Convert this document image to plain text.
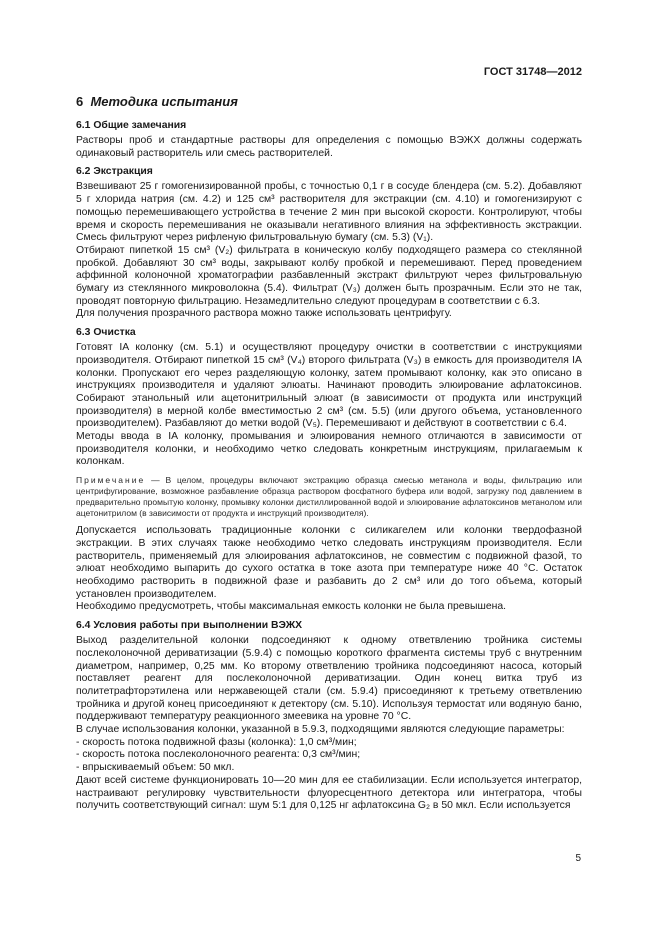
ГОСТ 31748—2012
6 Методика испытания
6.1 Общие замечания

Растворы проб и стандартные растворы для определения с помощью ВЭЖХ должны содержать одинаковый растворитель или смесь растворителей.

6.2 Экстракция

Взвешивают 25 г гомогенизированной пробы, с точностью 0,1 г в сосуде блендера (см. 5.2). Добавляют 5 г хлорида натрия (см. 4.2) и 125 см³ растворителя для экстракции (см. 4.10) и гомогенизируют с помощью перемешивающего устройства в течение 2 мин при высокой скорости. Контролируют, чтобы время и скорость перемешивания не оказывали негативного влияния на эффективность экстракции. Смесь фильтруют через рифленую фильтровальную бумагу (см. 5.3) (V₁).

Отбирают пипеткой 15 см³ (V₂) фильтрата в коническую колбу подходящего размера со стеклянной пробкой. Добавляют 30 см³ воды, закрывают колбу пробкой и перемешивают. Перед проведением аффинной колоночной хроматографии разбавленный экстракт фильтруют через фильтровальную бумагу из стеклянного микроволокна (5.4). Фильтрат (V₃) должен быть прозрачным. Если это не так, проводят повторную фильтрацию. Незамедлительно следуют процедурам в соответствии с 6.3.

Для получения прозрачного раствора можно также использовать центрифугу.

6.3 Очистка

Готовят IA колонку (см. 5.1) и осуществляют процедуру очистки в соответствии с инструкциями производителя. Отбирают пипеткой 15 см³ (V₄) второго фильтрата (V₃) в емкость для производителя IA колонки. Пропускают его через разделяющую колонку, затем промывают колонку, как это описано в инструкциях производителя и удаляют элюаты. Начинают проводить элюирование афлатоксинов. Собирают этанольный или ацетонитрильный элюат (в зависимости от продукта или инструкций производителя) в мерной колбе вместимостью 2 см³ (см. 5.5) (или другого объема, установленного производителем). Разбавляют до метки водой (V₅). Перемешивают и действуют в соответствии с 6.4.

Методы ввода в IA колонку, промывания и элюирования немного отличаются в зависимости от производителя колонки, и необходимо четко следовать конкретным инструкциям, прилагаемым к колонкам.

Примечание — В целом, процедуры включают экстракцию образца смесью метанола и воды, фильтрацию или центрифугирование, возможное разбавление образца раствором фосфатного буфера или водой, загрузку под давлением в предварительно промытую колонку, промывку колонки дистиллированной водой и элюирование афлатоксинов метанолом или ацетонитрилом (в зависимости от продукта и инструкций производителя).

Допускается использовать традиционные колонки с силикагелем или колонки твердофазной экстракции. В этих случаях также необходимо четко следовать инструкциям производителя. Если растворитель, применяемый для элюирования афлатоксинов, не совместим с подвижной фазой, то элюат необходимо выпарить до сухого остатка в токе азота при температуре ниже 40 °С. Остаток необходимо растворить в подвижной фазе и разбавить до 2 см³ или до того объема, который установлен производителем.

Необходимо предусмотреть, чтобы максимальная емкость колонки не была превышена.

6.4 Условия работы при выполнении ВЭЖХ

Выход разделительной колонки подсоединяют к одному ответвлению тройника системы послеколоночной дериватизации (5.9.4) с помощью короткого фрагмента системы труб с внутренним диаметром, например, 0,25 мм. Ко второму ответвлению тройника подсоединяют насоса, который поставляет реагент для послеколоночной дериватизации. Один конец витка труб из политетрафторэтилена или нержавеющей стали (см. 5.9.4) присоединяют к третьему ответвлению тройника и другой конец присоединяют к детектору (см. 5.10). Используя термостат или водяную баню, поддерживают температуру реакционного змеевика на уровне 70 °С.

В случае использования колонки, указанной в 5.9.3, подходящими являются следующие параметры:

- скорость потока подвижной фазы (колонка): 1,0 см³/мин;
- скорость потока послеколоночного реагента: 0,3 см³/мин;
- впрыскиваемый объем: 50 мкл.

Дают всей системе функционировать 10—20 мин для ее стабилизации. Если используется интегратор, настраивают регулировку чувствительности флуоресцентного детектора или интегратора, чтобы получить соответствующий сигнал: шум 5:1 для 0,125 нг афлатоксина G₂ в 50 мкл. Если используется

5
